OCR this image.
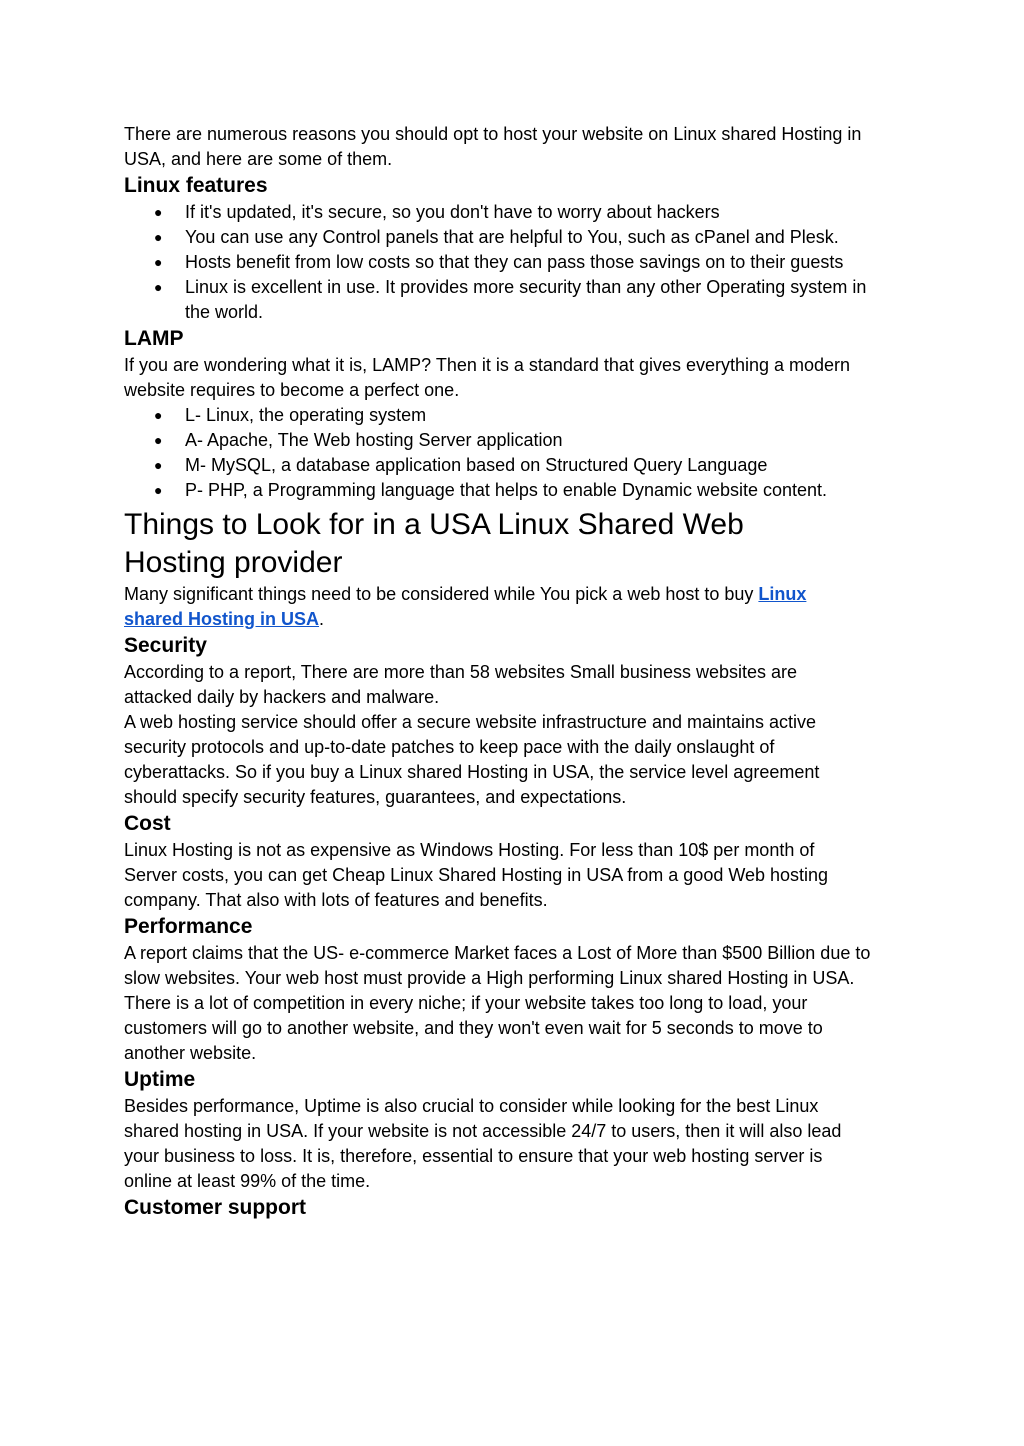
There are numerous reasons you should opt to host your website on Linux shared Hosting in USA, and here are some of them.

Linux features
● If it's updated, it's secure, so you don't have to worry about hackers
● You can use any Control panels that are helpful to You, such as cPanel and Plesk.
● Hosts benefit from low costs so that they can pass those savings on to their guests
● Linux is excellent in use. It provides more security than any other Operating system in the world.
LAMP

If you are wondering what it is, LAMP? Then it is a standard that gives everything a modern website requires to become a perfect one.

● L- Linux, the operating system
● A- Apache, The Web hosting Server application
● M- MySQL, a database application based on Structured Query Language
● P- PHP, a Programming language that helps to enable Dynamic website content.
Things to Look for in a USA Linux Shared Web Hosting provider

Many significant things need to be considered while You pick a web host to buy Linux shared Hosting in USA.

Security

According to a report, There are more than 58 websites Small business websites are attacked daily by hackers and malware.

A web hosting service should offer a secure website infrastructure and maintains active security protocols and up-to-date patches to keep pace with the daily onslaught of cyberattacks. So if you buy a Linux shared Hosting in USA, the service level agreement should specify security features, guarantees, and expectations.

Cost

Linux Hosting is not as expensive as Windows Hosting. For less than 10$ per month of Server costs, you can get Cheap Linux Shared Hosting in USA from a good Web hosting company. That also with lots of features and benefits.

Performance

A report claims that the US- e-commerce Market faces a Lost of More than $500 Billion due to slow websites. Your web host must provide a High performing Linux shared Hosting in USA.

There is a lot of competition in every niche; if your website takes too long to load, your customers will go to another website, and they won't even wait for 5 seconds to move to another website.

Uptime

Besides performance, Uptime is also crucial to consider while looking for the best Linux shared hosting in USA. If your website is not accessible 24/7 to users, then it will also lead your business to loss. It is, therefore, essential to ensure that your web hosting server is online at least 99% of the time.

Customer support
